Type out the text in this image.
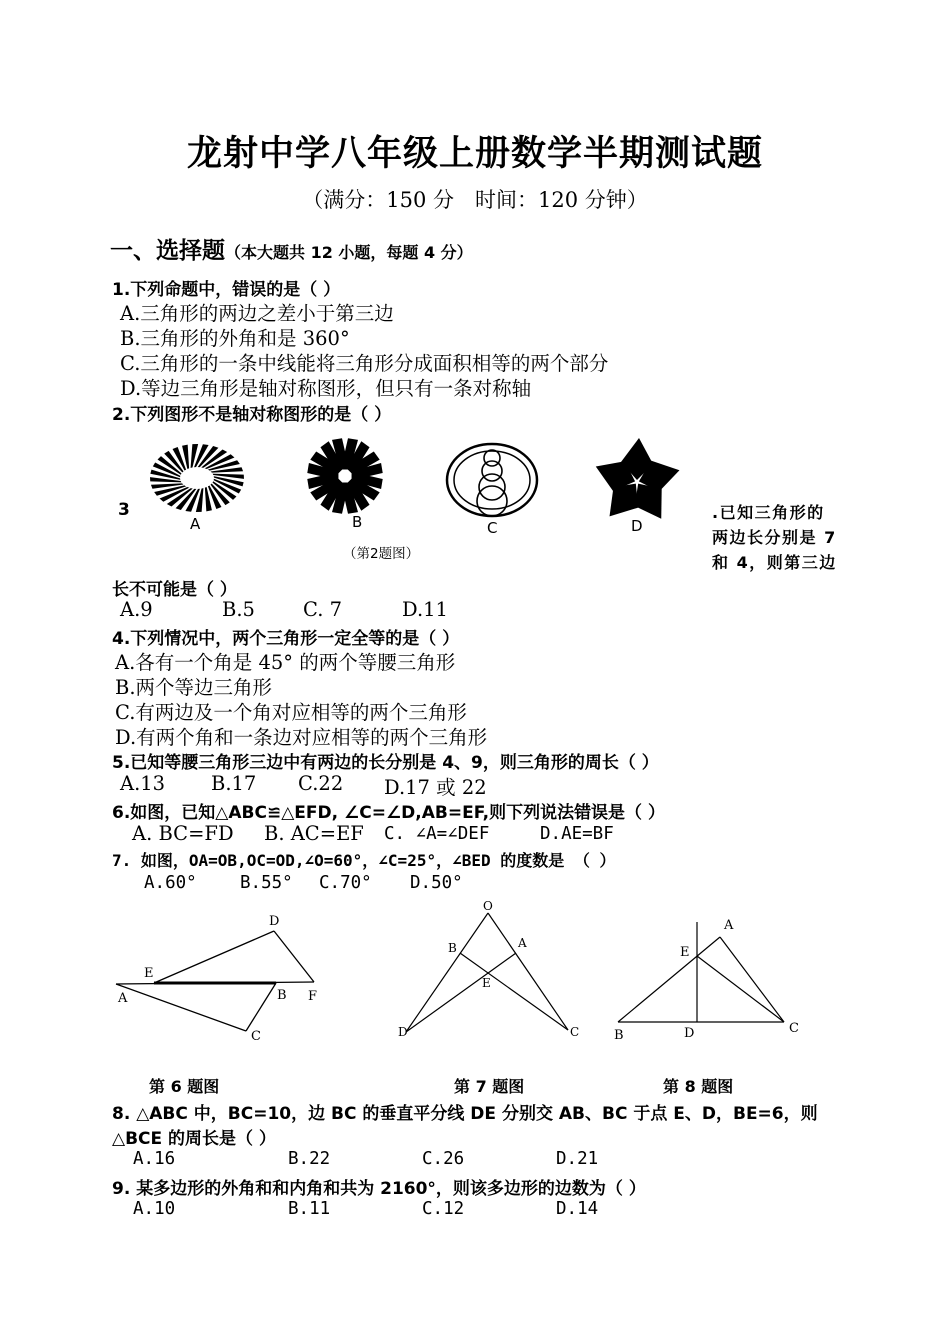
龙射中学八年级上册数学半期测试题
（满分：150 分　时间：120 分钟）
一、选择题（本大题共 12 小题，每题 4 分）
1.下列命题中，错误的是（ ）
A.三角形的两边之差小于第三边
B.三角形的外角和是 360°
C.三角形的一条中线能将三角形分成面积相等的两个部分
D.等边三角形是轴对称图形，但只有一条对称轴
2.下列图形不是轴对称图形的是（ ）
A	B	C	D
（第2题图）
3	.已知三角形的
两边长分别是 7
和 4，则第三边
长不可能是（ ）
A.9	B.5 C. 7	D.11
4.下列情况中，两个三角形一定全等的是（ ）
A.各有一个角是 45° 的两个等腰三角形
B.两个等边三角形
C.有两边及一个角对应相等的两个三角形
D.有两个角和一条边对应相等的两个三角形
5.已知等腰三角形三边中有两边的长分别是 4、9，则三角形的周长（ ）
A.13 B.17 C.22 D.17 或 22
6.如图，已知△ABC≌△EFD, ∠C=∠D,AB=EF,则下列说法错误是（ ）
A. BC=FD B. AC=EF C. ∠A=∠DEF	D.AE=BF
7. 如图，OA=OB,OC=OD,∠O=60°，∠C=25°，∠BED 的度数是 （ ）
A.60° B.55° C.70° D.50°
A
E
B F
D
C
O
B	A
E
D	C
A
E
B	D	C
第 6 题图	第 7 题图	第 8 题图
8. △ABC 中，BC=10，边 BC 的垂直平分线 DE 分别交 AB、BC 于点 E、D，BE=6，则
△BCE 的周长是（ ）
A.16	B.22	C.26	D.21
9. 某多边形的外角和和内角和共为 2160°，则该多边形的边数为（ ）
A.10	B.11	C.12	D.14
